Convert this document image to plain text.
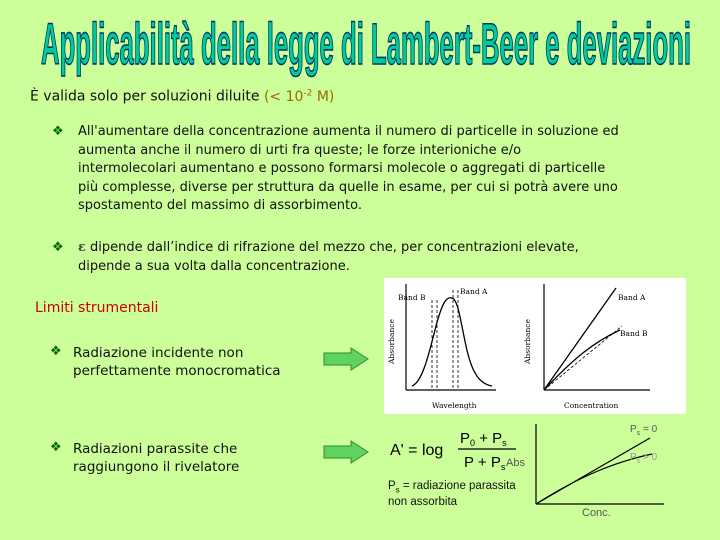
Applicabilità della legge di Lambert-Beer e deviazioni
È valida solo per soluzioni diluite (< $10^{-2}$ M)
❖ All'aumentare della concentrazione aumenta il numero di particelle in soluzione ed
aumenta anche il numero di urti fra queste; le forze interioniche e/o
intermolecolari aumentano e possono formarsi molecole o aggregati di particelle
più complesse, diverse per struttura da quelle in esame, per cui si potrà avere uno
spostamento del massimo di assorbimento.
❖ ε dipende dall’indice di rifrazione del mezzo che, per concentrazioni elevate,
dipende a sua volta dalla concentrazione.
Limiti strumentali
❖ Radiazione incidente non
perfettamente monocromatica
❖ Radiazioni parassite che
raggiungono il rivelatore
Absorbance
Wavelength
Band B
Band A
Absorbance
Concentration
Band A
Band B
A' = log
$P_0 + P_s$
$P + P_s$
$P_s$ = radiazione parassita
non assorbita
Abs
Conc.
$P_s = 0$
$P_s > 0$
